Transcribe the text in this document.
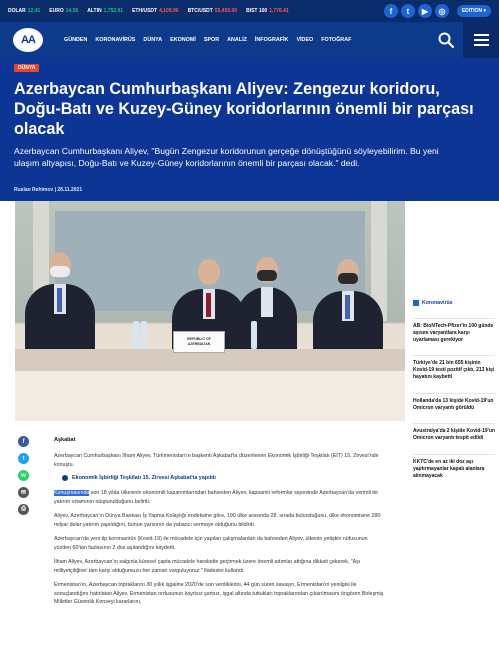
DOLAR 12.41 EURO 14.55 ALTIN 1,752.01 ETH/USDT 4,109.90 BTC/USDT 55,450.00 BIST 100 1,776.41	f	t	▶	◎	EDITION ▾
AA	GÜNDEN KORONAVİRÜS DÜNYA EKONOMİ SPOR ANALİZ İNFOGRAFİK VİDEO FOTOĞRAF
DÜNYA
Azerbaycan Cumhurbaşkanı Aliyev: Zengezur koridoru, Doğu-Batı ve Kuzey-Güney koridorlarının önemli bir parçası olacak

Azerbaycan Cumhurbaşkanı Aliyev, "Bugün Zengezur koridorunun gerçeğe dönüştüğünü söyleyebilirim. Bu yeni ulaşım altyapısı, Doğu-Batı ve Kuzey-Güney koridorlarının önemli bir parçası olacak." dedi.

Ruslan Rehimov | 28.11.2021
REPUBLIC OF
AZERBAIJAN
Koronavirüs
AB: BioNTech-Pfizer'in 100 günde aşısını varyantlara karşı uyarlaması gerekiyor
Türkiye'de 21 bin 655 kişinin Kovid-19 testi pozitif çıktı, 213 kişi hayatını kaybetti
Hollanda'da 13 kişide Kovid-19'un Omicron varyantı görüldü
Avustralya'da 2 kişide Kovid-19'un Omicron varyantı tespit edildi
KKTC'de en az iki doz aşı yaptırmayanlar kapalı alanlara alınmayacak
f
t
w
✉
⎙
Aşkabat

Azerbaycan Cumhurbaşkanı İlham Aliyev, Türkmenistan'ın başkenti Aşkabat'ta düzenlenen Ekonomik İşbirliği Teşkilatı (EİT) 15. Zirvesi'nde konuştu.

Ekonomik İşbirliği Teşkilatı 15. Zirvesi Aşkabat'ta yapıldı

Konuşmasında son 18 yılda ülkesinin ekonomik kazanımlarından bahseden Aliyev, kapsamlı reformlar sayesinde Azerbaycan'da verimli bir yatırım ortamının oluşturulduğunu belirtti.

Aliyev, Azerbaycan'ın Dünya Bankası İş Yapma Kolaylığı endeksine göre, 190 ülke arasında 28. sırada bulunduğunu, ülke ekonomisine 280 milyar dolar yatırım yapıldığını, bunun yarısının da yabancı sermaye olduğunu bildirdi.

Azerbaycan'da yeni tip koronavirüs (Kovid-19) ile mücadele için yapılan çalışmalardan da bahseden Aliyev, ülkenin yetişkin nüfusunun yüzden 60'tan fazlasının 2 doz aşılandığını kaydetti.

İlham Aliyev, Azerbaycan'ın salgınla küresel çapta mücadele hareketle geçirmek üzere önemli adımlar attığına dikkati çekerek, "Aşı milliyetçiliğine' tam karşı olduğumuzu her zaman vurguluyoruz." ifadesini kullandı.

Ermenistan'ın, Azerbaycan topraklarını 30 yıllık işgaline 2020'de son verdiklerini, 44 gün süren savaşın, Ermenistan'ın yenilgisi ile sonuçlandığını hatırlatan Aliyev, Ermenistan ordusunun kayıtsız şartsız, işgal altında tuttukları topraklarından çıkarılmasını öngören Birleşmiş Milletler Güvenlik Konseyi kararlarını,
